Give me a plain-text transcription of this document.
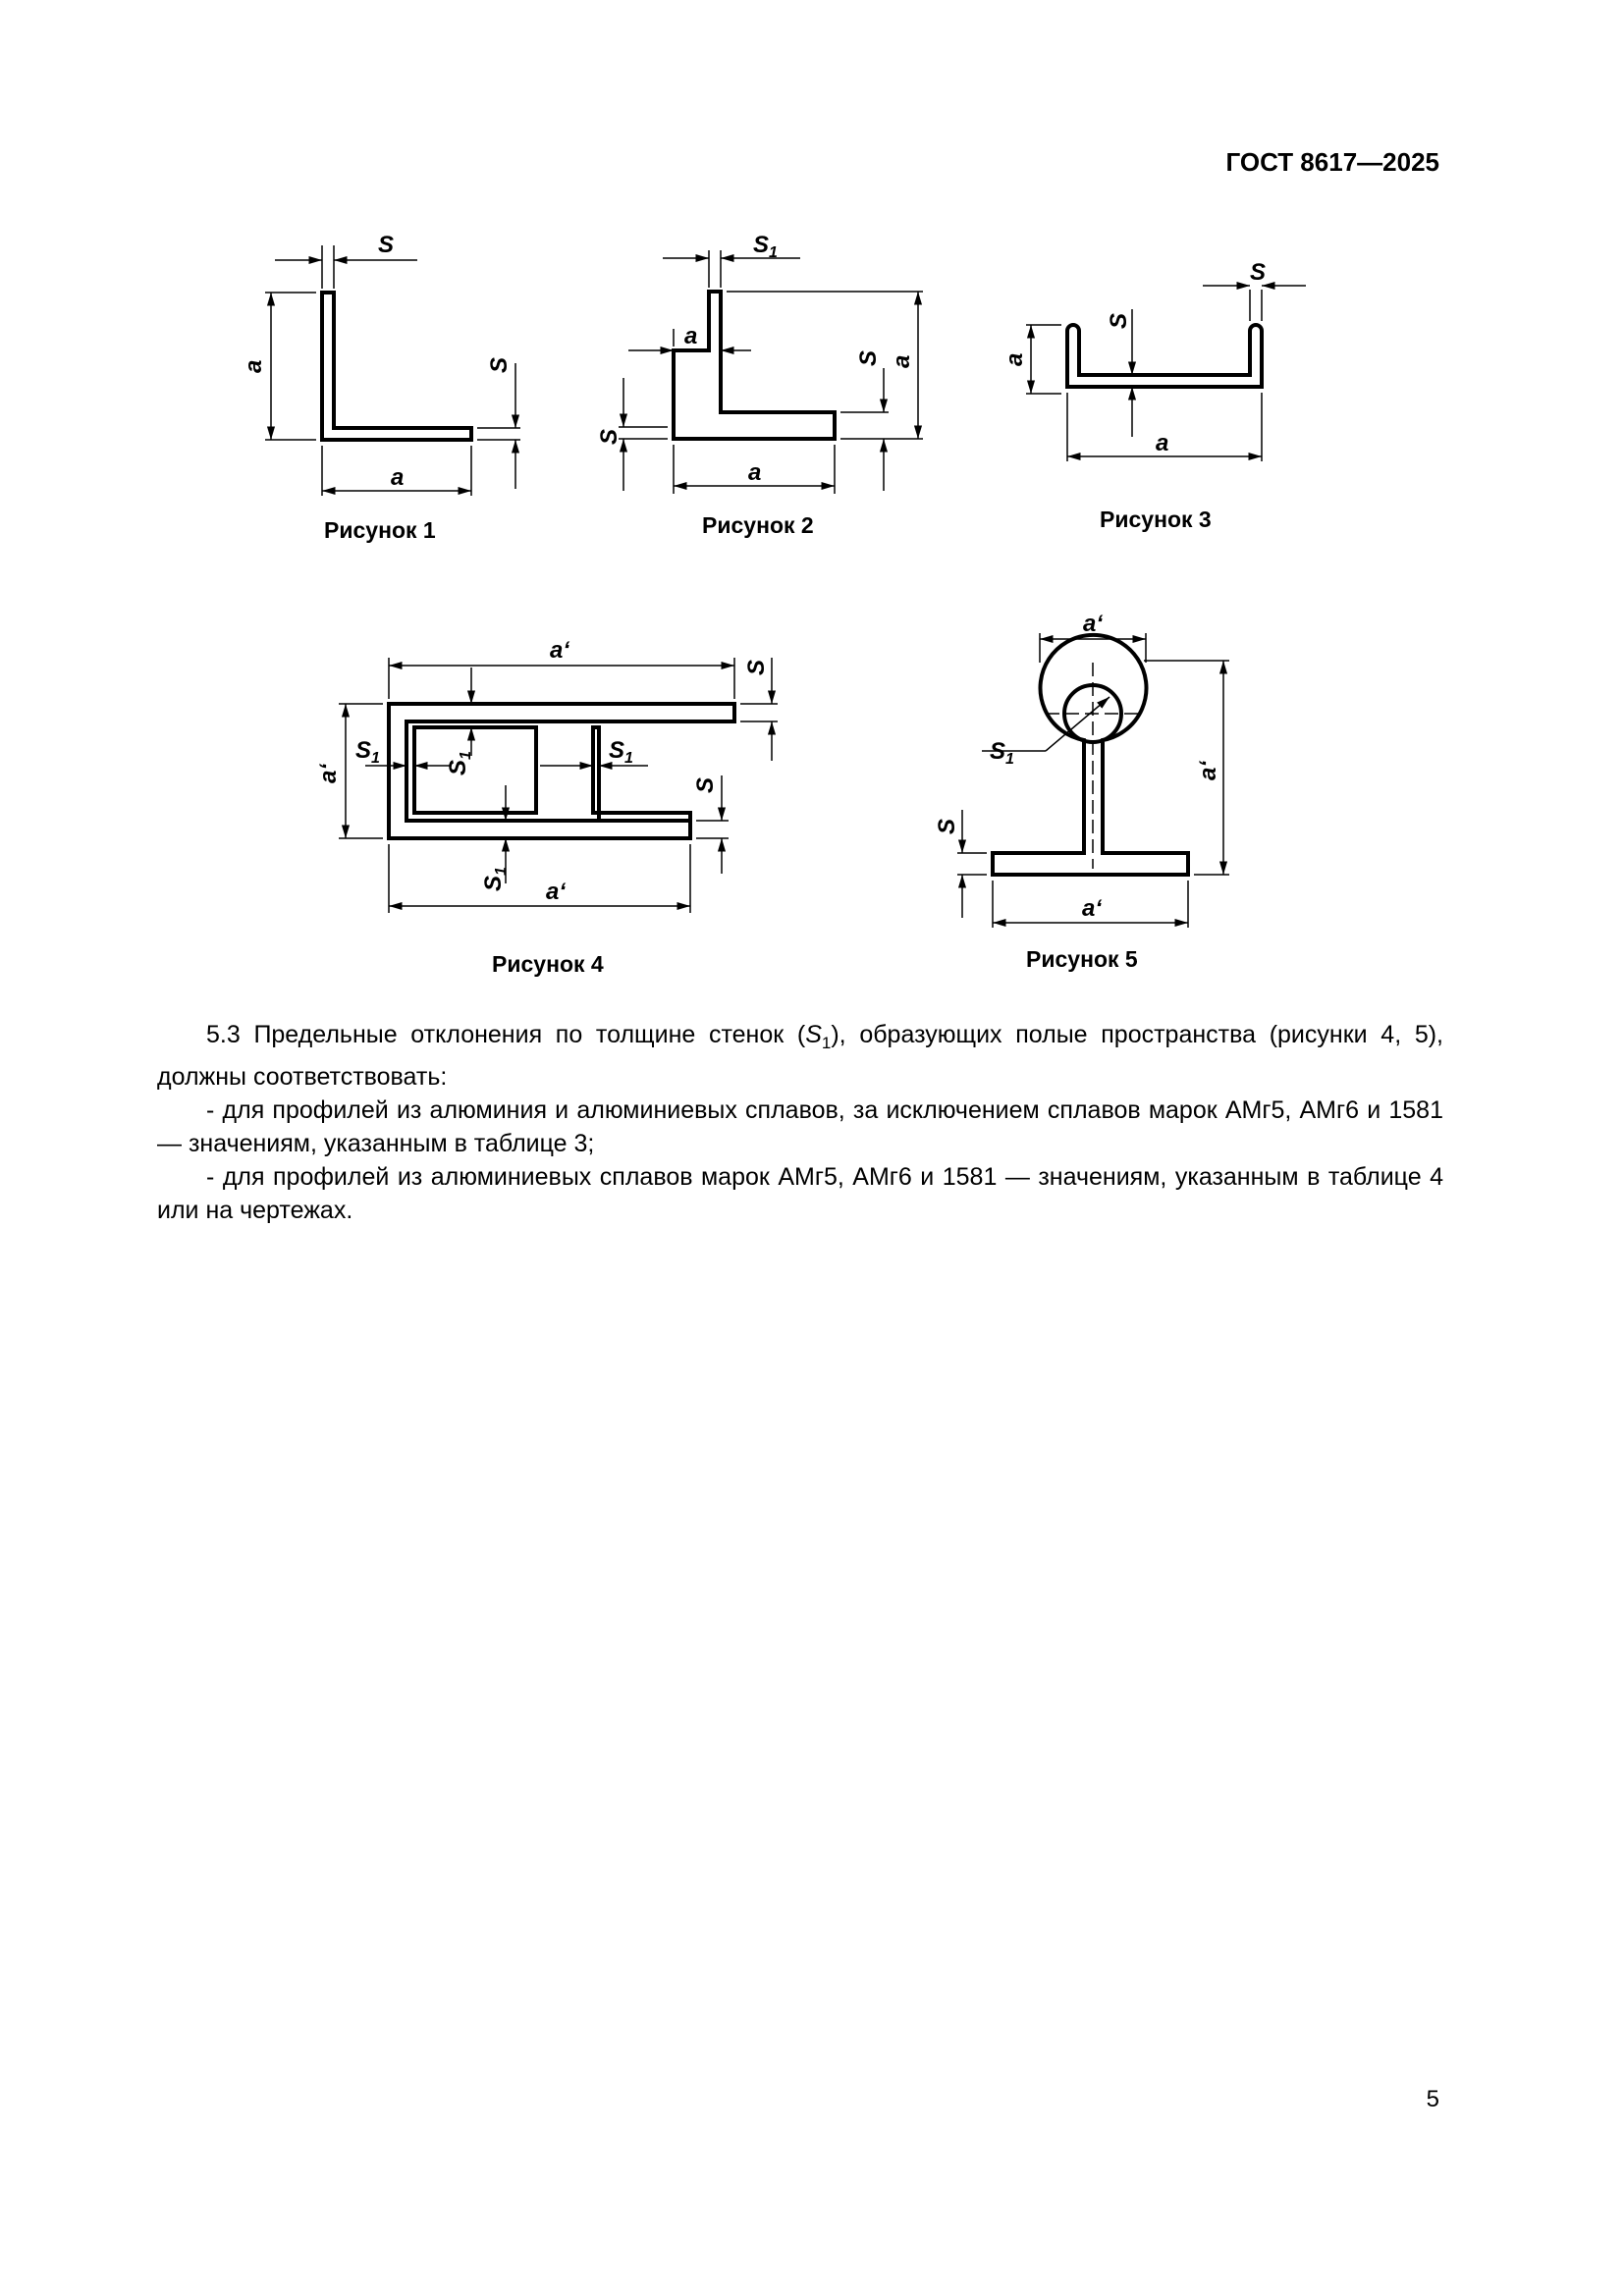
ГОСТ 8617—2025
S
a
a
S
Рисунок 1
$S_1$
a
S
S a
a
Рисунок 2
a
S
S
a
Рисунок 3
a‘
S
a‘
$S_1$
$S_1$	$S_1$
S
$S_1$
a‘
Рисунок 4
a‘
a‘
$S_1$
S
a‘
Рисунок 5

5.3 Предельные отклонения по толщине стенок $(S_1)$, образующих полые пространства (рисунки 4, 5), должны соответствовать:

- для профилей из алюминия и алюминиевых сплавов, за исключением сплавов марок АМг5, АМг6 и 1581 — значениям, указанным в таблице 3;

- для профилей из алюминиевых сплавов марок АМг5, АМг6 и 1581 — значениям, указанным в таблице 4 или на чертежах.

5
